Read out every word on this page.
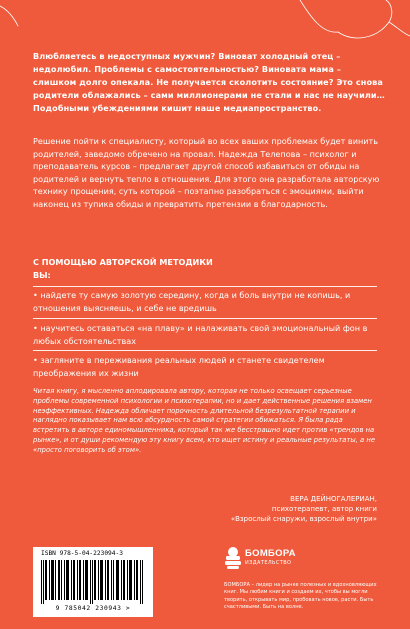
Влюбляетесь в недоступных мужчин? Виноват холодный отец – недолюбил. Проблемы с самостоятельностью? Виновата мама – слишком долго опекала. Не получается сколотить состояние? Это снова родители облажались – сами миллионерами не стали и нас не научили… Подобными убеждениями кишит наше медиапространство.

Решение пойти к специалисту, который во всех ваших проблемах будет винить родителей, заведомо обречено на провал. Надежда Телепова – психолог и преподаватель курсов – предлагает другой способ избавиться от обиды на родителей и вернуть тепло в отношения. Для этого она разработала авторскую технику прощения, суть которой – поэтапно разобраться с эмоциями, выйти наконец из тупика обиды и превратить претензии в благодарность.

С ПОМОЩЬЮ АВТОРСКОЙ МЕТОДИКИ ВЫ:

• найдете ту самую золотую середину, когда и боль внутри не копишь, и отношения выясняешь, и себе не вредишь

• научитесь оставаться «на плаву» и налаживать свой эмоциональный фон в любых обстоятельствах

• загляните в переживания реальных людей и станете свидетелем преображения их жизни

Читая книгу, я мысленно аплодировала автору, которая не только освещает серьезные проблемы современной психологии и психотерапии, но и дает действенные решения взамен неэффективных. Надежда обличает порочность длительной безрезультатной терапии и наглядно показывает нам всю абсурдность самой стратегии обижаться. Я была рада встретить в авторе единомышленника, который так же бесстрашно идет против «трендов на рынке», и от души рекомендую эту книгу всем, кто ищет истину и реальные результаты, а не «просто поговорить об этом».

ВЕРА ДЕЙНОГАЛЕРИАН,
психотерапевт, автор книги
«Взрослый снаружи, взрослый внутри»

ISBN 978-5-04-223094-3
9 785042 230943 >

БОМБОРА

ИЗДАТЕЛЬСТВО

БОМБОРА – лидер на рынке полезных и вдохновляющих книг. Мы любим книги и создаем их, чтобы вы могли творить, открывать мир, пробовать новое, расти. Быть счастливыми. Быть на волне.
